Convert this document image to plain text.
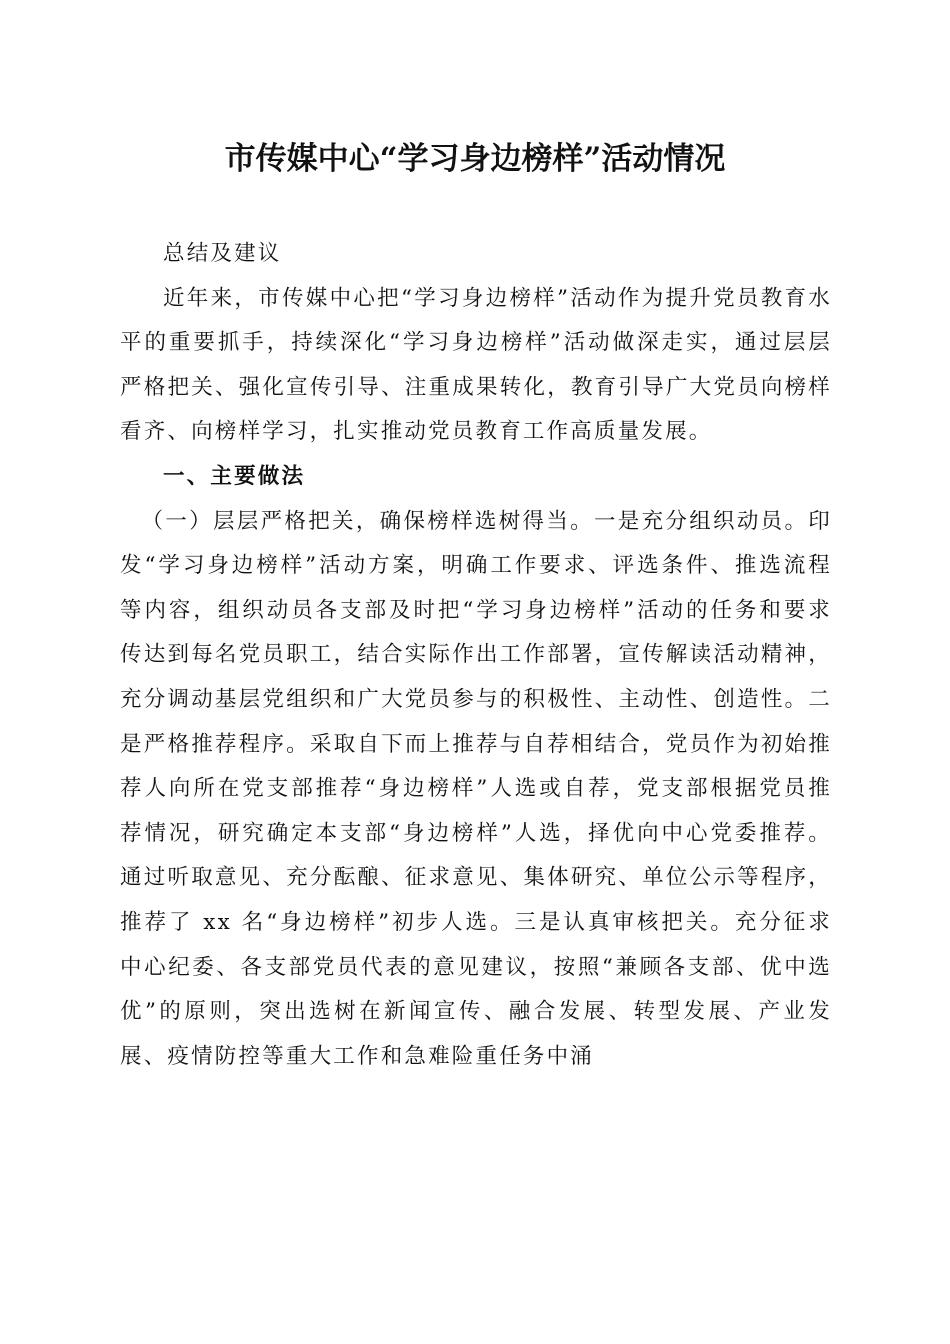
市传媒中心“学习身边榜样”活动情况

总结及建议

近年来，市传媒中心把“学习身边榜样”活动作为提升党员教育水平的重要抓手，持续深化“学习身边榜样”活动做深走实，通过层层严格把关、强化宣传引导、注重成果转化，教育引导广大党员向榜样看齐、向榜样学习，扎实推动党员教育工作高质量发展。

一、主要做法

（一）层层严格把关，确保榜样选树得当。一是充分组织动员。印发“学习身边榜样”活动方案，明确工作要求、评选条件、推选流程等内容，组织动员各支部及时把“学习身边榜样”活动的任务和要求传达到每名党员职工，结合实际作出工作部署，宣传解读活动精神，充分调动基层党组织和广大党员参与的积极性、主动性、创造性。二是严格推荐程序。采取自下而上推荐与自荐相结合，党员作为初始推荐人向所在党支部推荐“身边榜样”人选或自荐，党支部根据党员推荐情况，研究确定本支部“身边榜样”人选，择优向中心党委推荐。通过听取意见、充分酝酿、征求意见、集体研究、单位公示等程序，推荐了 xx 名“身边榜样”初步人选。三是认真审核把关。充分征求中心纪委、各支部党员代表的意见建议，按照“兼顾各支部、优中选优”的原则，突出选树在新闻宣传、融合发展、转型发展、产业发展、疫情防控等重大工作和急难险重任务中涌
